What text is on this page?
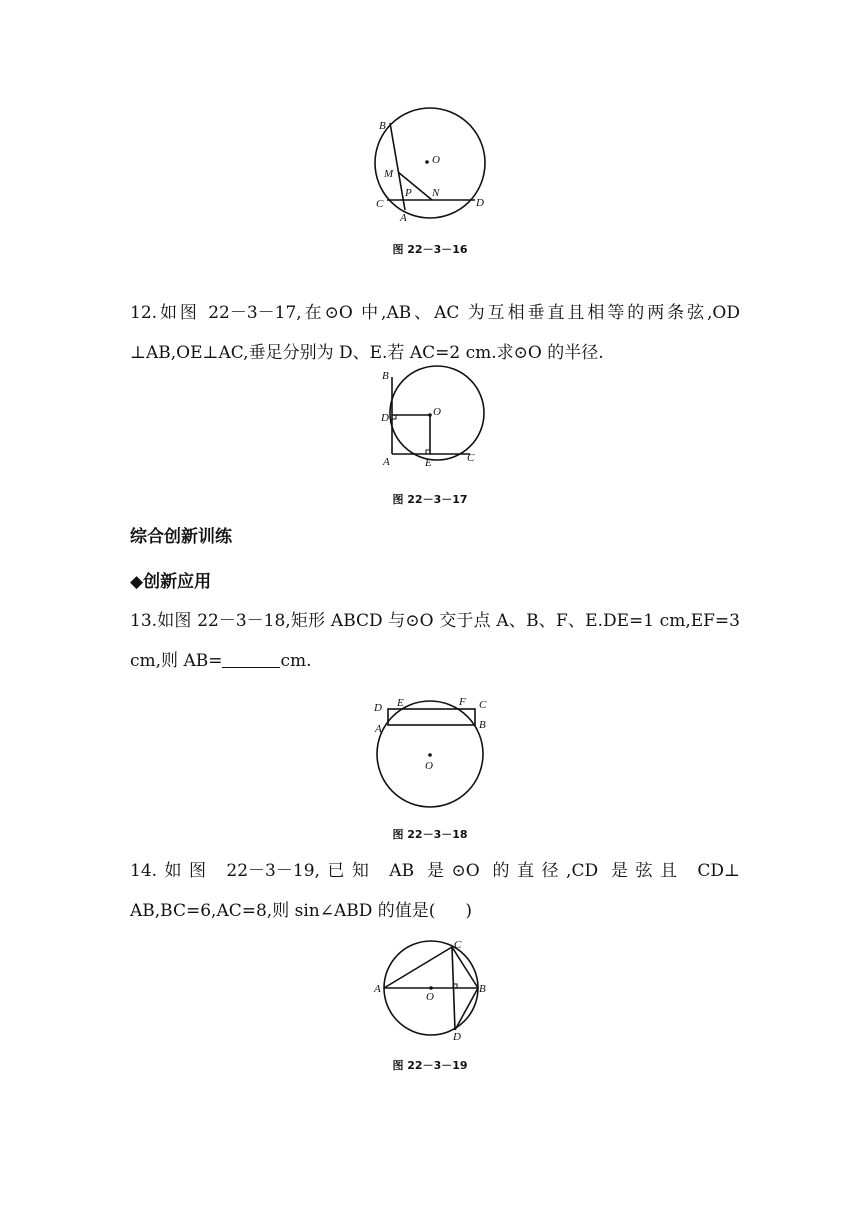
B
O
M
P N
C	D
A
图 22－3－16
12.如图 22－3－17,在⊙O 中,AB、AC 为互相垂直且相等的两条弦,OD
⊥AB,OE⊥AC,垂足分别为 D、E.若 AC=2 cm.求⊙O 的半径.
B
D	O
A	E	C
图 22－3－17
综合创新训练
◆创新应用
13.如图 22－3－18,矩形 ABCD 与⊙O 交于点 A、B、F、E.DE=1 cm,EF=3
cm,则 AB=	cm.
D E	F C
A	B
O
图 22－3－18
14.如图 22－3－19,已知 AB 是⊙O 的直径,CD 是弦且 CD⊥
AB,BC=6,AC=8,则 sin∠ABD 的值是( )
C
A
O
B
D
图 22－3－19
